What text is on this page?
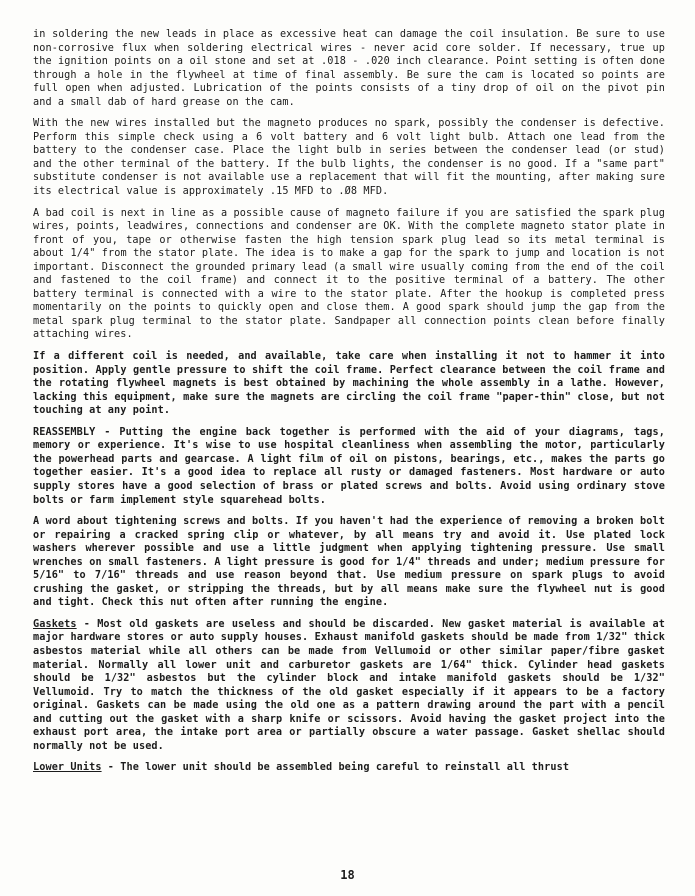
in soldering the new leads in place as excessive heat can damage the coil insulation. Be sure to use non-corrosive flux when soldering electrical wires - never acid core solder. If necessary, true up the ignition points on a oil stone and set at .018 - .020 inch clearance. Point setting is often done through a hole in the flywheel at time of final assembly. Be sure the cam is located so points are full open when adjusted. Lubrication of the points consists of a tiny drop of oil on the pivot pin and a small dab of hard grease on the cam.

With the new wires installed but the magneto produces no spark, possibly the condenser is defective. Perform this simple check using a 6 volt battery and 6 volt light bulb. Attach one lead from the battery to the condenser case. Place the light bulb in series between the condenser lead (or stud) and the other terminal of the battery. If the bulb lights, the condenser is no good. If a "same part" substitute condenser is not available use a replacement that will fit the mounting, after making sure its electrical value is approximately .15 MFD to .Ø8 MFD.

A bad coil is next in line as a possible cause of magneto failure if you are satisfied the spark plug wires, points, leadwires, connections and condenser are OK. With the complete magneto stator plate in front of you, tape or otherwise fasten the high tension spark plug lead so its metal terminal is about 1/4" from the stator plate. The idea is to make a gap for the spark to jump and location is not important. Disconnect the grounded primary lead (a small wire usually coming from the end of the coil and fastened to the coil frame) and connect it to the positive terminal of a battery. The other battery terminal is connected with a wire to the stator plate. After the hookup is completed press momentarily on the points to quickly open and close them. A good spark should jump the gap from the metal spark plug terminal to the stator plate. Sandpaper all connection points clean before finally attaching wires.

If a different coil is needed, and available, take care when installing it not to hammer it into position. Apply gentle pressure to shift the coil frame. Perfect clearance between the coil frame and the rotating flywheel magnets is best obtained by machining the whole assembly in a lathe. However, lacking this equipment, make sure the magnets are circling the coil frame "paper-thin" close, but not touching at any point.

REASSEMBLY - Putting the engine back together is performed with the aid of your diagrams, tags, memory or experience. It's wise to use hospital cleanliness when assembling the motor, particularly the powerhead parts and gearcase. A light film of oil on pistons, bearings, etc., makes the parts go together easier. It's a good idea to replace all rusty or damaged fasteners. Most hardware or auto supply stores have a good selection of brass or plated screws and bolts. Avoid using ordinary stove bolts or farm implement style squarehead bolts.

A word about tightening screws and bolts. If you haven't had the experience of removing a broken bolt or repairing a cracked spring clip or whatever, by all means try and avoid it. Use plated lock washers wherever possible and use a little judgment when applying tightening pressure. Use small wrenches on small fasteners. A light pressure is good for 1/4" threads and under; medium pressure for 5/16" to 7/16" threads and use reason beyond that. Use medium pressure on spark plugs to avoid crushing the gasket, or stripping the threads, but by all means make sure the flywheel nut is good and tight. Check this nut often after running the engine.

Gaskets - Most old gaskets are useless and should be discarded. New gasket material is available at major hardware stores or auto supply houses. Exhaust manifold gaskets should be made from 1/32" thick asbestos material while all others can be made from Vellumoid or other similar paper/fibre gasket material. Normally all lower unit and carburetor gaskets are 1/64" thick. Cylinder head gaskets should be 1/32" asbestos but the cylinder block and intake manifold gaskets should be 1/32" Vellumoid. Try to match the thickness of the old gasket especially if it appears to be a factory original. Gaskets can be made using the old one as a pattern drawing around the part with a pencil and cutting out the gasket with a sharp knife or scissors. Avoid having the gasket project into the exhaust port area, the intake port area or partially obscure a water passage. Gasket shellac should normally not be used.

Lower Units - The lower unit should be assembled being careful to reinstall all thrust

18
